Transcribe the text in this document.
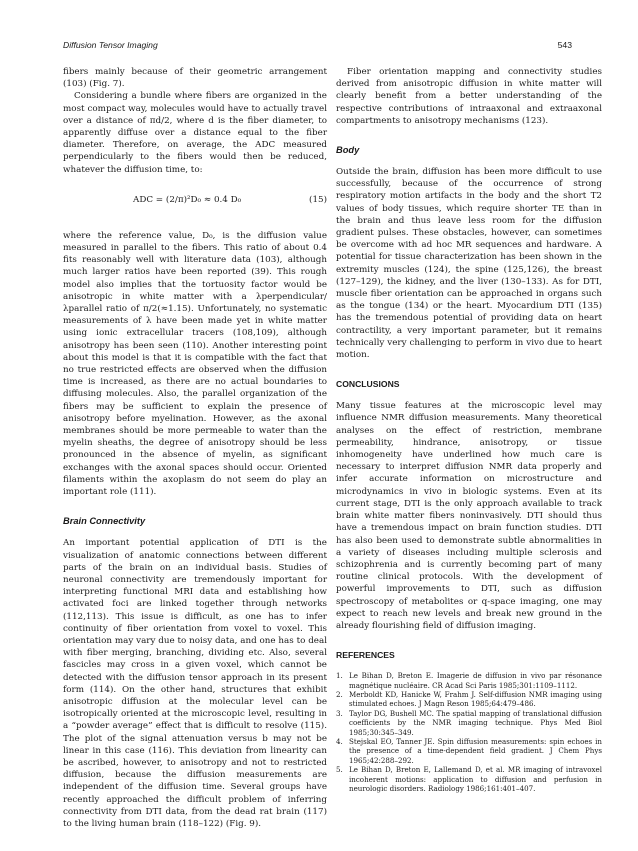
Diffusion Tensor Imaging	543

fibers mainly because of their geometric arrangement (103) (Fig. 7).

Considering a bundle where fibers are organized in the most compact way, molecules would have to actually travel over a distance of πd/2, where d is the fiber diameter, to apparently diffuse over a distance equal to the fiber diameter. Therefore, on average, the ADC measured perpendicularly to the fibers would then be reduced, whatever the diffusion time, to:

ADC = (2/π)²D₀ ≈ 0.4 D₀	(15)

where the reference value, D₀, is the diffusion value measured in parallel to the fibers. This ratio of about 0.4 fits reasonably well with literature data (103), although much larger ratios have been reported (39). This rough model also implies that the tortuosity factor would be anisotropic in white matter with a λperpendicular/λparallel ratio of π/2(≈1.15). Unfortunately, no systematic measurements of λ have been made yet in white matter using ionic extracellular tracers (108,109), although anisotropy has been seen (110). Another interesting point about this model is that it is compatible with the fact that no true restricted effects are observed when the diffusion time is increased, as there are no actual boundaries to diffusing molecules. Also, the parallel organization of the fibers may be sufficient to explain the presence of anisotropy before myelination. However, as the axonal membranes should be more permeable to water than the myelin sheaths, the degree of anisotropy should be less pronounced in the absence of myelin, as significant exchanges with the axonal spaces should occur. Oriented filaments within the axoplasm do not seem do play an important role (111).

Brain Connectivity

An important potential application of DTI is the visualization of anatomic connections between different parts of the brain on an individual basis. Studies of neuronal connectivity are tremendously important for interpreting functional MRI data and establishing how activated foci are linked together through networks (112,113). This issue is difficult, as one has to infer continuity of fiber orientation from voxel to voxel. This orientation may vary due to noisy data, and one has to deal with fiber merging, branching, dividing etc. Also, several fascicles may cross in a given voxel, which cannot be detected with the diffusion tensor approach in its present form (114). On the other hand, structures that exhibit anisotropic diffusion at the molecular level can be isotropically oriented at the microscopic level, resulting in a “powder average” effect that is difficult to resolve (115). The plot of the signal attenuation versus b may not be linear in this case (116). This deviation from linearity can be ascribed, however, to anisotropy and not to restricted diffusion, because the diffusion measurements are independent of the diffusion time. Several groups have recently approached the difficult problem of inferring connectivity from DTI data, from the dead rat brain (117) to the living human brain (118–122) (Fig. 9).

Fiber orientation mapping and connectivity studies derived from anisotropic diffusion in white matter will clearly benefit from a better understanding of the respective contributions of intraaxonal and extraaxonal compartments to anisotropy mechanisms (123).

Body

Outside the brain, diffusion has been more difficult to use successfully, because of the occurrence of strong respiratory motion artifacts in the body and the short T2 values of body tissues, which require shorter TE than in the brain and thus leave less room for the diffusion gradient pulses. These obstacles, however, can sometimes be overcome with ad hoc MR sequences and hardware. A potential for tissue characterization has been shown in the extremity muscles (124), the spine (125,126), the breast (127–129), the kidney, and the liver (130–133). As for DTI, muscle fiber orientation can be approached in organs such as the tongue (134) or the heart. Myocardium DTI (135) has the tremendous potential of providing data on heart contractility, a very important parameter, but it remains technically very challenging to perform in vivo due to heart motion.

CONCLUSIONS

Many tissue features at the microscopic level may influence NMR diffusion measurements. Many theoretical analyses on the effect of restriction, membrane permeability, hindrance, anisotropy, or tissue inhomogeneity have underlined how much care is necessary to interpret diffusion NMR data properly and infer accurate information on microstructure and microdynamics in vivo in biologic systems. Even at its current stage, DTI is the only approach available to track brain white matter fibers noninvasively. DTI should thus have a tremendous impact on brain function studies. DTI has also been used to demonstrate subtle abnormalities in a variety of diseases including multiple sclerosis and schizophrenia and is currently becoming part of many routine clinical protocols. With the development of powerful improvements to DTI, such as diffusion spectroscopy of metabolites or q-space imaging, one may expect to reach new levels and break new ground in the already flourishing field of diffusion imaging.

REFERENCES
1. Le Bihan D, Breton E. Imagerie de diffusion in vivo par résonance magnétique nucléaire. CR Acad Sci Paris 1985;301:1109–1112.
2. Merboldt KD, Hanicke W, Frahm J. Self-diffusion NMR imaging using stimulated echoes. J Magn Reson 1985;64:479–486.
3. Taylor DG, Bushell MC. The spatial mapping of translational diffusion coefficients by the NMR imaging technique. Phys Med Biol 1985;30:345–349.
4. Stejskal EO, Tanner JE. Spin diffusion measurements: spin echoes in the presence of a time-dependent field gradient. J Chem Phys 1965;42:288–292.
5. Le Bihan D, Breton E, Lallemand D, et al. MR imaging of intravoxel incoherent motions: application to diffusion and perfusion in neurologic disorders. Radiology 1986;161:401–407.
